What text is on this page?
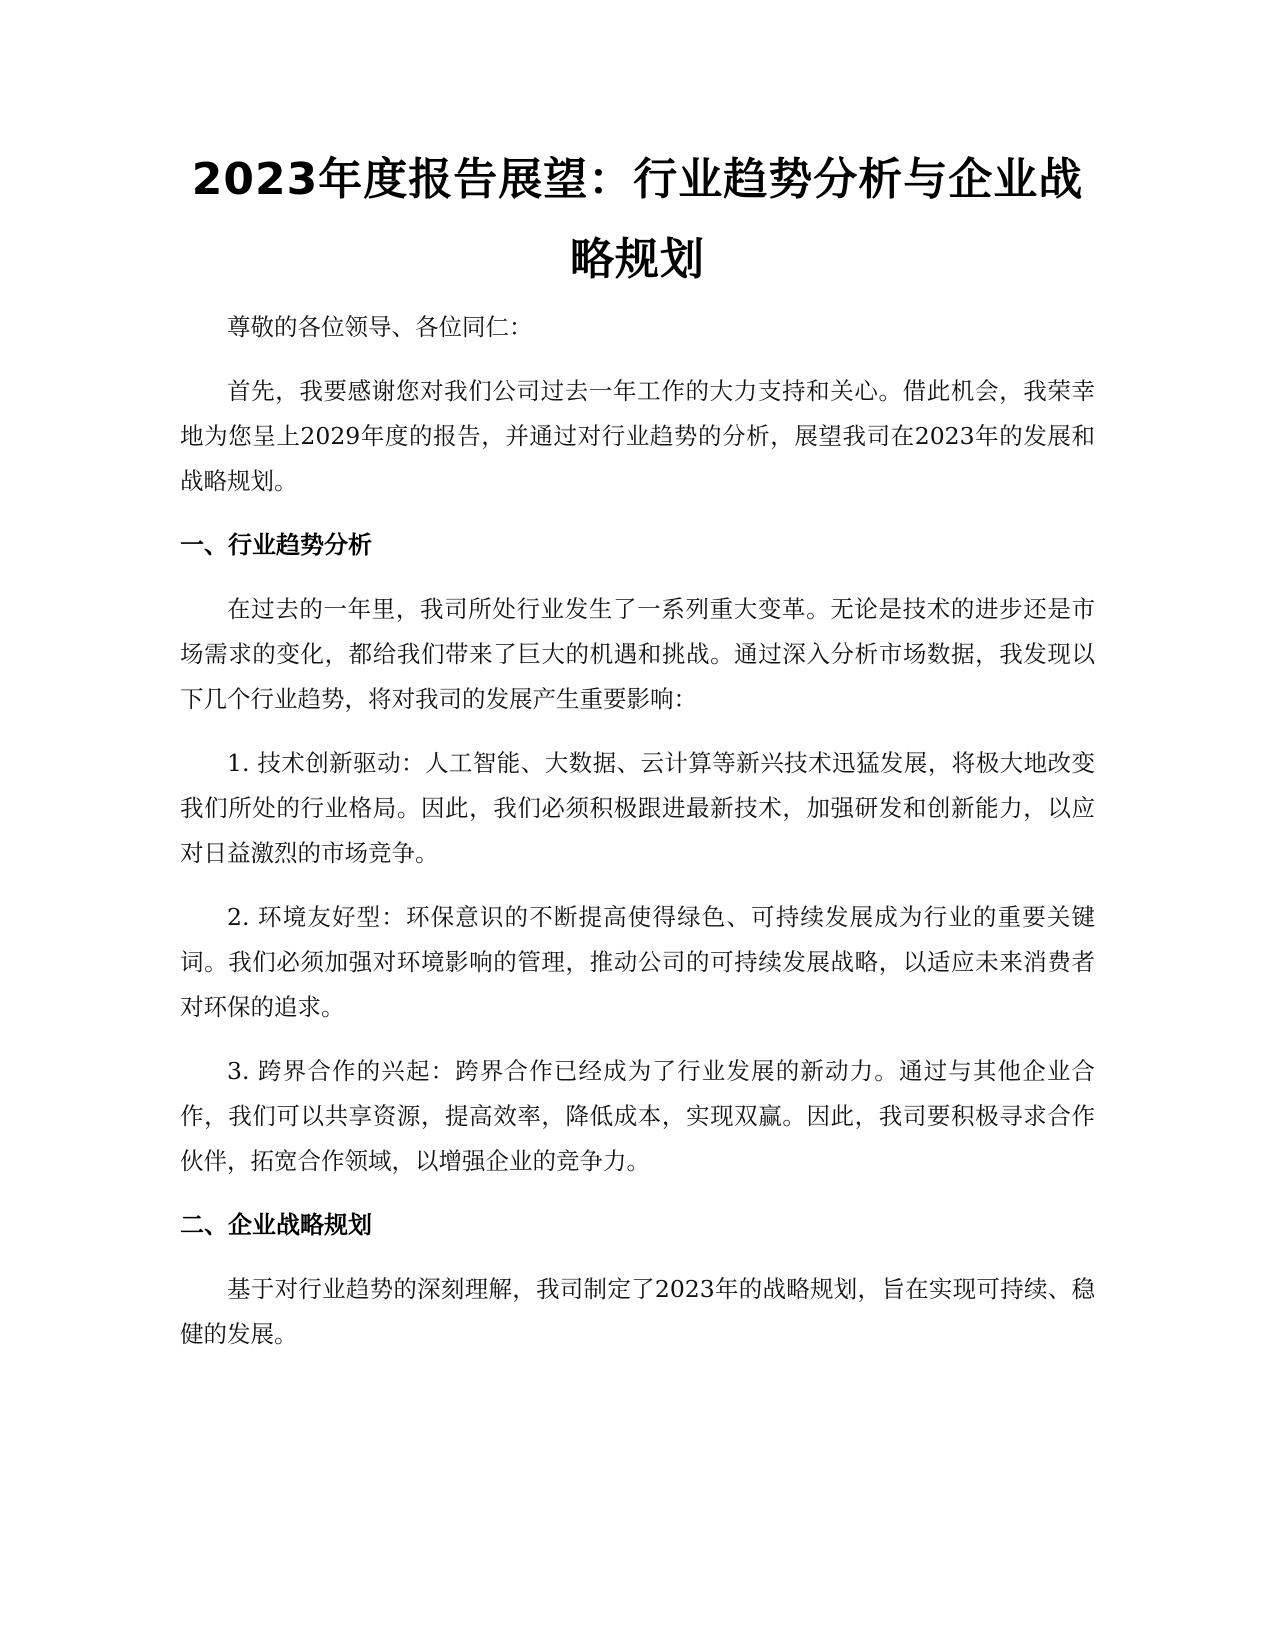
2023年度报告展望：行业趋势分析与企业战略规划

尊敬的各位领导、各位同仁：

首先，我要感谢您对我们公司过去一年工作的大力支持和关心。借此机会，我荣幸地为您呈上2029年度的报告，并通过对行业趋势的分析，展望我司在2023年的发展和战略规划。

一、行业趋势分析

在过去的一年里，我司所处行业发生了一系列重大变革。无论是技术的进步还是市场需求的变化，都给我们带来了巨大的机遇和挑战。通过深入分析市场数据，我发现以下几个行业趋势，将对我司的发展产生重要影响：

1. 技术创新驱动：人工智能、大数据、云计算等新兴技术迅猛发展，将极大地改变我们所处的行业格局。因此，我们必须积极跟进最新技术，加强研发和创新能力，以应对日益激烈的市场竞争。

2. 环境友好型：环保意识的不断提高使得绿色、可持续发展成为行业的重要关键词。我们必须加强对环境影响的管理，推动公司的可持续发展战略，以适应未来消费者对环保的追求。

3. 跨界合作的兴起：跨界合作已经成为了行业发展的新动力。通过与其他企业合作，我们可以共享资源，提高效率，降低成本，实现双赢。因此，我司要积极寻求合作伙伴，拓宽合作领域，以增强企业的竞争力。

二、企业战略规划

基于对行业趋势的深刻理解，我司制定了2023年的战略规划，旨在实现可持续、稳健的发展。
